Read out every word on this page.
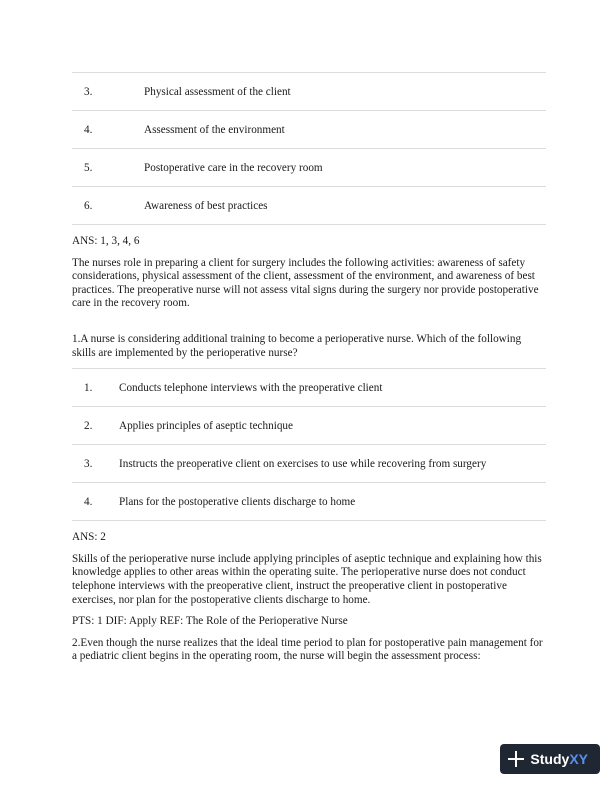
3.	Physical assessment of the client
4.	Assessment of the environment
5.	Postoperative care in the recovery room
6.	Awareness of best practices

ANS: 1, 3, 4, 6

The nurses role in preparing a client for surgery includes the following activities: awareness of safety considerations, physical assessment of the client, assessment of the environment, and awareness of best practices. The preoperative nurse will not assess vital signs during the surgery nor provide postoperative care in the recovery room.

1.A nurse is considering additional training to become a perioperative nurse. Which of the following skills are implemented by the perioperative nurse?

1.	Conducts telephone interviews with the preoperative client
2.	Applies principles of aseptic technique
3.	Instructs the preoperative client on exercises to use while recovering from surgery
4.	Plans for the postoperative clients discharge to home

ANS: 2

Skills of the perioperative nurse include applying principles of aseptic technique and explaining how this knowledge applies to other areas within the operating suite. The perioperative nurse does not conduct telephone interviews with the preoperative client, instruct the preoperative client in postoperative exercises, nor plan for the postoperative clients discharge to home.

PTS: 1 DIF: Apply REF: The Role of the Perioperative Nurse

2.Even though the nurse realizes that the ideal time period to plan for postoperative pain management for a pediatric client begins in the operating room, the nurse will begin the assessment process:

StudyXY
